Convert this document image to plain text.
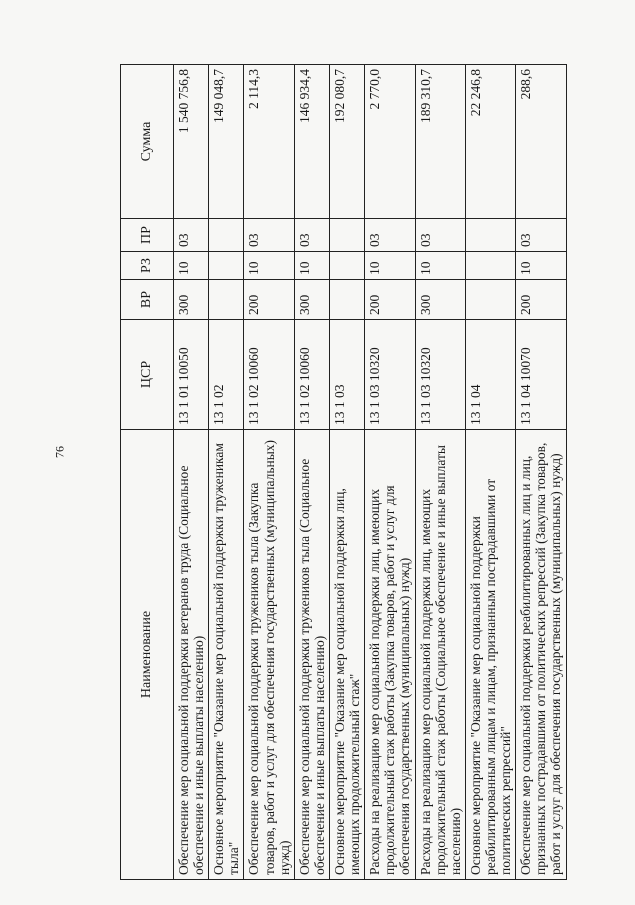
76
Наименование	ЦСР	ВР	РЗ	ПР	Сумма
Обеспечение мер социальной поддержки ветеранов труда (Социальное обеспечение и иные выплаты населению)	13 1 01 10050	300	10	03	1 540 756,8
Основное мероприятие "Оказание мер социальной поддержки труженикам тыла"	13 1 02				149 048,7
Обеспечение мер социальной поддержки тружеников тыла (Закупка товаров, работ и услуг для обеспечения государственных (муниципальных) нужд)	13 1 02 10060	200	10	03	2 114,3
Обеспечение мер социальной поддержки тружеников тыла (Социальное обеспечение и иные выплаты населению)	13 1 02 10060	300	10	03	146 934,4
Основное мероприятие "Оказание мер социальной поддержки лиц, имеющих продолжительный стаж"	13 1 03				192 080,7
Расходы на реализацию мер социальной поддержки лиц, имеющих продолжительный стаж работы (Закупка товаров, работ и услуг для обеспечения государственных (муниципальных) нужд)	13 1 03 10320	200	10	03	2 770,0
Расходы на реализацию мер социальной поддержки лиц, имеющих продолжительный стаж работы (Социальное обеспечение и иные выплаты населению)	13 1 03 10320	300	10	03	189 310,7
Основное мероприятие "Оказание мер социальной поддержки реабилитированным лицам и лицам, признанным пострадавшими от политических репрессий"	13 1 04				22 246,8
Обеспечение мер социальной поддержки реабилитированных лиц и лиц, признанных пострадавшими от политических репрессий (Закупка товаров, работ и услуг для обеспечения государственных (муниципальных) нужд)	13 1 04 10070	200	10	03	288,6
